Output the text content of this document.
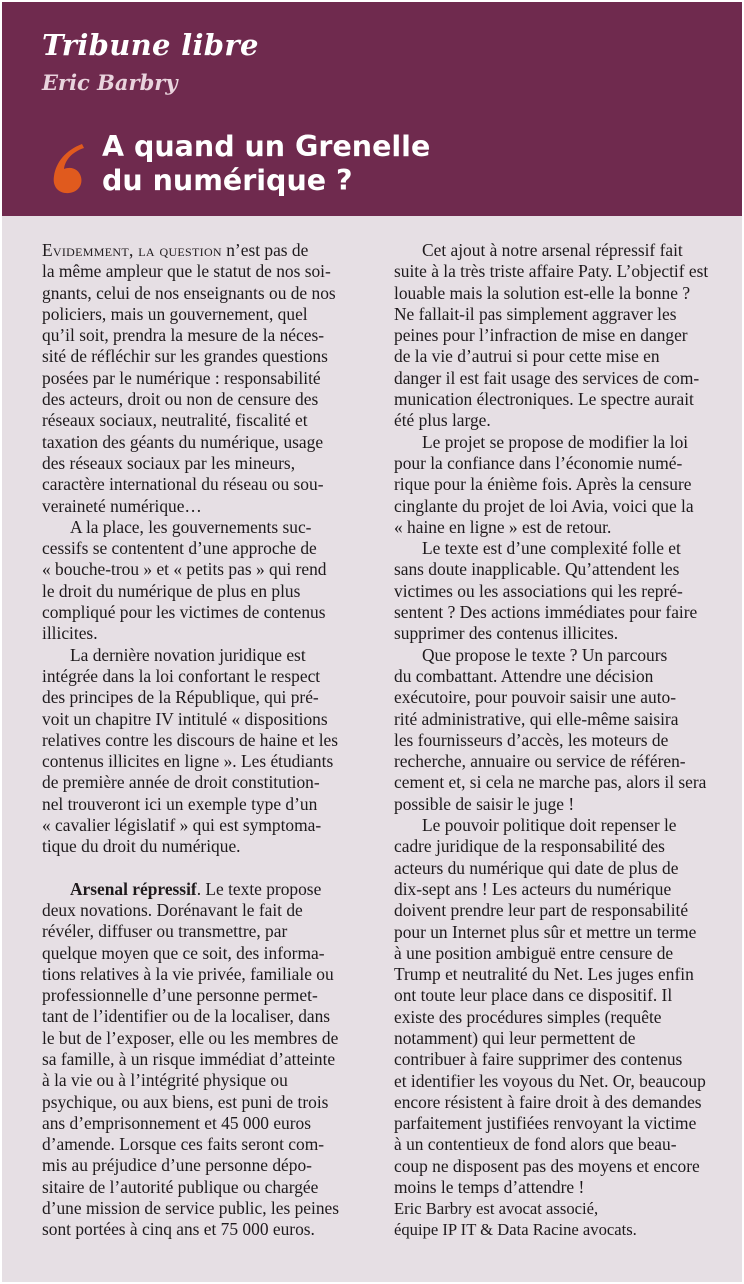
Tribune libre
Eric Barbry
A quand un Grenelle
du numérique ?

Evidemment, la question n’est pas de
la même ampleur que le statut de nos soi-
gnants, celui de nos enseignants ou de nos
policiers, mais un gouvernement, quel
qu’il soit, prendra la mesure de la néces-
sité de réfléchir sur les grandes questions
posées par le numérique : responsabilité
des acteurs, droit ou non de censure des
réseaux sociaux, neutralité, fiscalité et
taxation des géants du numérique, usage
des réseaux sociaux par les mineurs,
caractère international du réseau ou sou-
veraineté numérique…

A la place, les gouvernements suc-
cessifs se contentent d’une approche de
« bouche-trou » et « petits pas » qui rend
le droit du numérique de plus en plus
compliqué pour les victimes de contenus
illicites.

La dernière novation juridique est
intégrée dans la loi confortant le respect
des principes de la République, qui pré-
voit un chapitre IV intitulé « dispositions
relatives contre les discours de haine et les
contenus illicites en ligne ». Les étudiants
de première année de droit constitution-
nel trouveront ici un exemple type d’un
« cavalier législatif » qui est symptoma-
tique du droit du numérique.

Arsenal répressif. Le texte propose
deux novations. Dorénavant le fait de
révéler, diffuser ou transmettre, par
quelque moyen que ce soit, des informa-
tions relatives à la vie privée, familiale ou
professionnelle d’une personne permet-
tant de l’identifier ou de la localiser, dans
le but de l’exposer, elle ou les membres de
sa famille, à un risque immédiat d’atteinte
à la vie ou à l’intégrité physique ou
psychique, ou aux biens, est puni de trois
ans d’emprisonnement et 45 000 euros
d’amende. Lorsque ces faits seront com-
mis au préjudice d’une personne dépo-
sitaire de l’autorité publique ou chargée
d’une mission de service public, les peines
sont portées à cinq ans et 75 000 euros.

Cet ajout à notre arsenal répressif fait
suite à la très triste affaire Paty. L’objectif est
louable mais la solution est-elle la bonne ?
Ne fallait-il pas simplement aggraver les
peines pour l’infraction de mise en danger
de la vie d’autrui si pour cette mise en
danger il est fait usage des services de com-
munication électroniques. Le spectre aurait
été plus large.

Le projet se propose de modifier la loi
pour la confiance dans l’économie numé-
rique pour la énième fois. Après la censure
cinglante du projet de loi Avia, voici que la
« haine en ligne » est de retour.

Le texte est d’une complexité folle et
sans doute inapplicable. Qu’attendent les
victimes ou les associations qui les repré-
sentent ? Des actions immédiates pour faire
supprimer des contenus illicites.

Que propose le texte ? Un parcours
du combattant. Attendre une décision
exécutoire, pour pouvoir saisir une auto-
rité administrative, qui elle-même saisira
les fournisseurs d’accès, les moteurs de
recherche, annuaire ou service de référen-
cement et, si cela ne marche pas, alors il sera
possible de saisir le juge !

Le pouvoir politique doit repenser le
cadre juridique de la responsabilité des
acteurs du numérique qui date de plus de
dix-sept ans ! Les acteurs du numérique
doivent prendre leur part de responsabilité
pour un Internet plus sûr et mettre un terme
à une position ambiguë entre censure de
Trump et neutralité du Net. Les juges enfin
ont toute leur place dans ce dispositif. Il
existe des procédures simples (requête
notamment) qui leur permettent de
contribuer à faire supprimer des contenus
et identifier les voyous du Net. Or, beaucoup
encore résistent à faire droit à des demandes
parfaitement justifiées renvoyant la victime
à un contentieux de fond alors que beau-
coup ne disposent pas des moyens et encore
moins le temps d’attendre !

Eric Barbry est avocat associé,
équipe IP IT & Data Racine avocats.
